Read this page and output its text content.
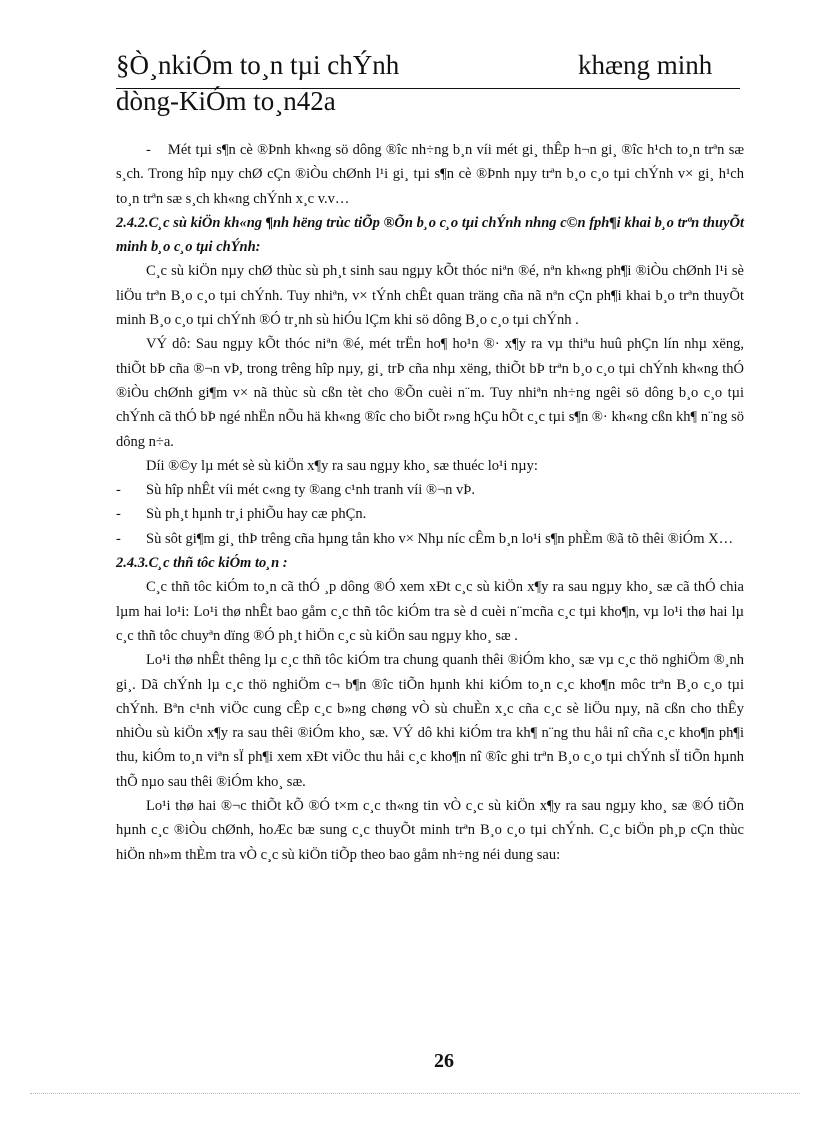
§Ò¸nkiÓm to¸n tµi chÝnh	khæng minh
dòng-KiÓm to¸n42a

- Mét tµi s¶n cè ®Þnh kh«ng sö dông ®îc nh÷ng b¸n víi mét gi¸ thÊp h¬n gi¸ ®îc h¹ch to¸n trªn sæ s¸ch. Trong hîp nµy chØ cÇn ®iÒu chØnh l¹i gi¸ tµi s¶n cè ®Þnh nµy trªn b¸o c¸o tµi chÝnh v× gi¸ h¹ch to¸n trªn sæ s¸ch kh«ng chÝnh x¸c v.v…

2.4.2.C¸c sù kiÖn kh«ng ¶nh hëng trùc tiÕp ®Õn b¸o c¸o tµi chÝnh nhng c©n fph¶i khai b¸o trªn thuyÕt minh b¸o c¸o tµi chÝnh:

C¸c sù kiÖn nµy chØ thùc sù ph¸t sinh sau ngµy kÕt thóc niªn ®é, nªn kh«ng ph¶i ®iÒu chØnh l¹i sè liÖu trªn B¸o c¸o tµi chÝnh. Tuy nhiªn, v× tÝnh chÊt quan träng cña nã nªn cÇn ph¶i khai b¸o trªn thuyÕt minh B¸o c¸o tµi chÝnh ®Ó tr¸nh sù hiÓu lÇm khi sö dông B¸o c¸o tµi chÝnh .

VÝ dô: Sau ngµy kÕt thóc niªn ®é, mét trËn ho¶ ho¹n ®· x¶y ra vµ thiªu huû phÇn lín nhµ xëng, thiÕt bÞ cña ®¬n vÞ, trong trêng hîp nµy, gi¸ trÞ cña nhµ xëng, thiÕt bÞ trªn b¸o c¸o tµi chÝnh kh«ng thÓ ®iÒu chØnh gi¶m v× nã thùc sù cßn tèt cho ®Õn cuèi n¨m. Tuy nhiªn nh÷ng ngêi sö dông b¸o c¸o tµi chÝnh cã thÓ bÞ ngé nhËn nÕu hä kh«ng ®îc cho biÕt r»ng hÇu hÕt c¸c tµi s¶n ®· kh«ng cßn kh¶ n¨ng sö dông n÷a.

Díi ®©y lµ mét sè sù kiÖn x¶y ra sau ngµy kho¸ sæ thuéc lo¹i nµy:

- Sù hîp nhÊt víi mét c«ng ty ®ang c¹nh tranh víi ®¬n vÞ.

- Sù ph¸t hµnh tr¸i phiÕu hay cæ phÇn.

- Sù sôt gi¶m gi¸ thÞ trêng cña hµng tån kho v× Nhµ níc cÊm b¸n lo¹i s¶n phÈm ®ã tõ thêi ®iÓm X…

2.4.3.C¸c thñ tôc kiÓm to¸n :

C¸c thñ tôc kiÓm to¸n cã thÓ ¸p dông ®Ó xem xÐt c¸c sù kiÖn x¶y ra sau ngµy kho¸ sæ cã thÓ chia lµm hai lo¹i: Lo¹i thø nhÊt bao gåm c¸c thñ tôc kiÓm tra sè d cuèi n¨mcña c¸c tµi kho¶n, vµ lo¹i thø hai lµ c¸c thñ tôc chuyªn dïng ®Ó ph¸t hiÖn c¸c sù kiÖn sau ngµy kho¸ sæ .

Lo¹i thø nhÊt thêng lµ c¸c thñ tôc kiÓm tra chung quanh thêi ®iÓm kho¸ sæ vµ c¸c thö nghiÖm ®¸nh gi¸. Dã chÝnh lµ c¸c thö nghiÖm c¬ b¶n ®îc tiÕn hµnh khi kiÓm to¸n c¸c kho¶n môc trªn B¸o c¸o tµi chÝnh. Bªn c¹nh viÖc cung cÊp c¸c b»ng chøng vÒ sù chuÈn x¸c cña c¸c sè liÖu nµy, nã cßn cho thÊy nhiÒu sù kiÖn x¶y ra sau thêi ®iÓm kho¸ sæ. VÝ dô khi kiÓm tra kh¶ n¨ng thu håi nî cña c¸c kho¶n ph¶i thu, kiÓm to¸n viªn sÏ ph¶i xem xÐt viÖc thu håi c¸c kho¶n nî ®îc ghi trªn B¸o c¸o tµi chÝnh sÏ tiÕn hµnh thÕ nµo sau thêi ®iÓm kho¸ sæ.

Lo¹i thø hai ®¬c thiÕt kÕ ®Ó t×m c¸c th«ng tin vÒ c¸c sù kiÖn x¶y ra sau ngµy kho¸ sæ ®Ó tiÕn hµnh c¸c ®iÒu chØnh, hoÆc bæ sung c¸c thuyÕt minh trªn B¸o c¸o tµi chÝnh. C¸c biÖn ph¸p cÇn thùc hiÖn nh»m thÈm tra vÒ c¸c sù kiÖn tiÕp theo bao gåm nh÷ng néi dung sau:

26
